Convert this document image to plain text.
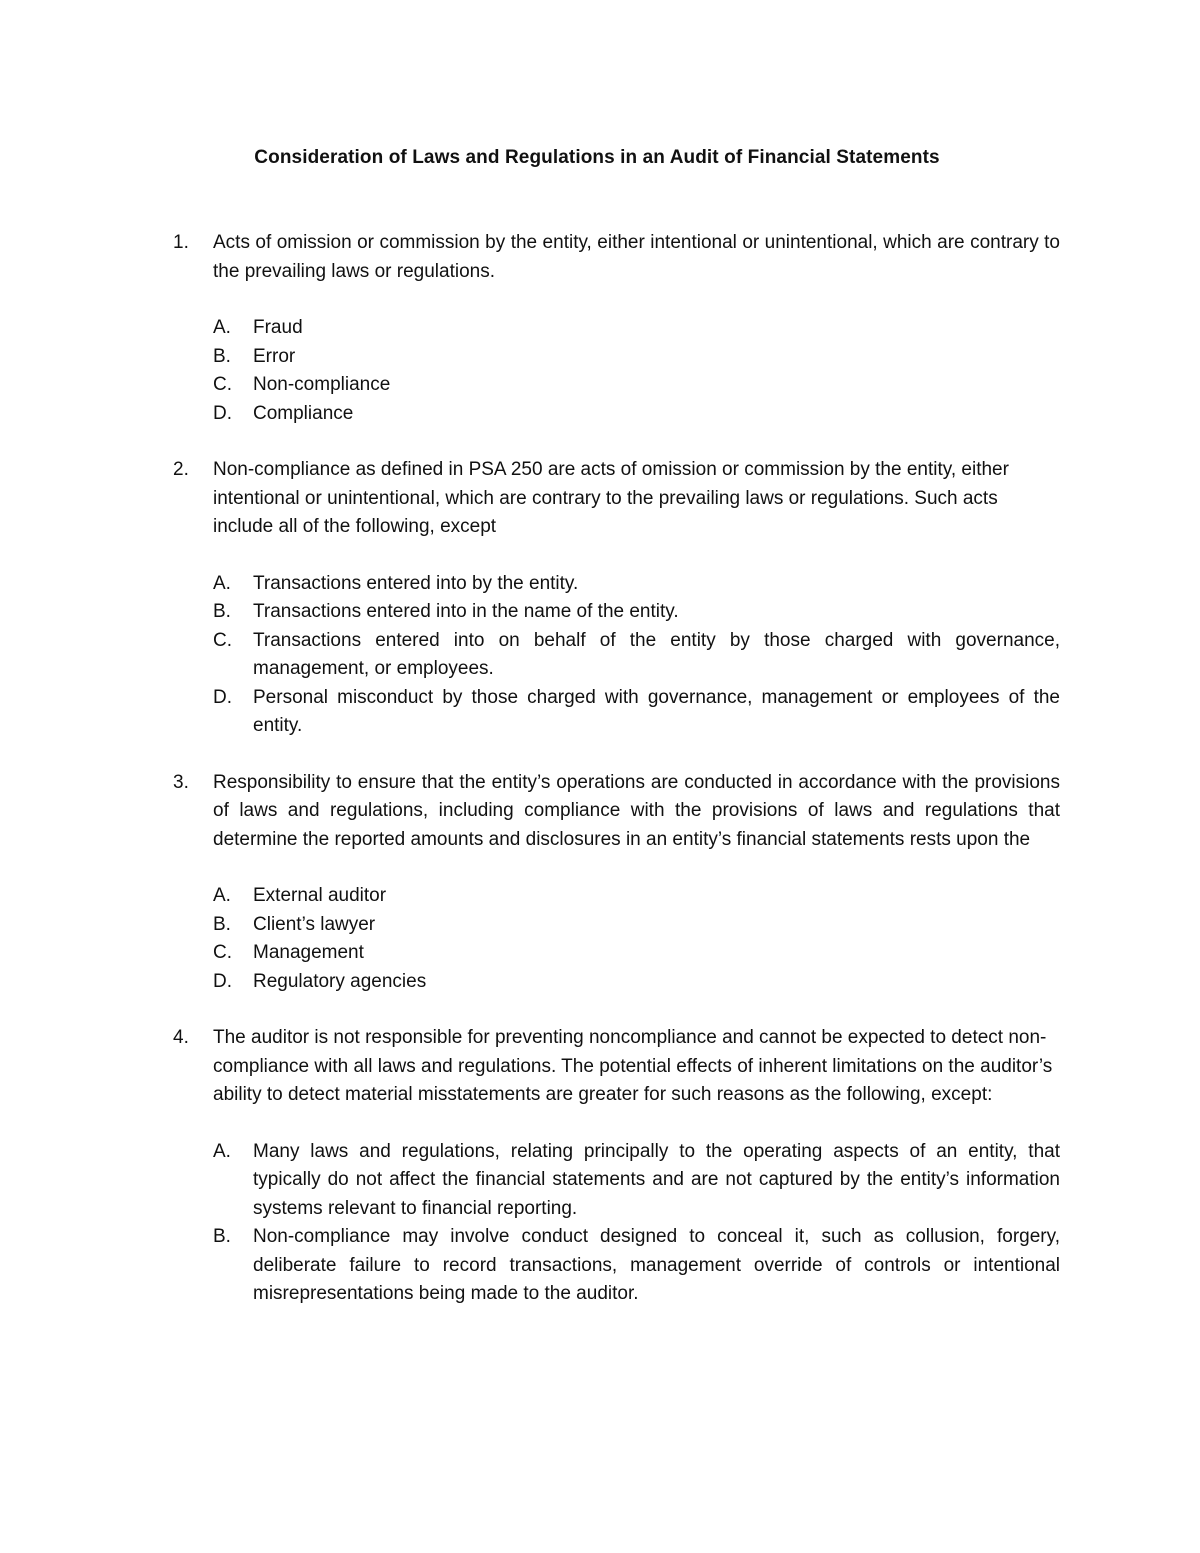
Consideration of Laws and Regulations in an Audit of Financial Statements
1. Acts of omission or commission by the entity, either intentional or unintentional, which are contrary to the prevailing laws or regulations.

A. Fraud
B. Error
C. Non-compliance
D. Compliance
2. Non-compliance as defined in PSA 250 are acts of omission or commission by the entity, either intentional or unintentional, which are contrary to the prevailing laws or regulations. Such acts include all of the following, except

A. Transactions entered into by the entity.
B. Transactions entered into in the name of the entity.
C. Transactions entered into on behalf of the entity by those charged with governance, management, or employees.
D. Personal misconduct by those charged with governance, management or employees of the entity.
3. Responsibility to ensure that the entity’s operations are conducted in accordance with the provisions of laws and regulations, including compliance with the provisions of laws and regulations that determine the reported amounts and disclosures in an entity’s financial statements rests upon the

A. External auditor
B. Client’s lawyer
C. Management
D. Regulatory agencies
4. The auditor is not responsible for preventing noncompliance and cannot be expected to detect non-compliance with all laws and regulations. The potential effects of inherent limitations on the auditor’s ability to detect material misstatements are greater for such reasons as the following, except:

A. Many laws and regulations, relating principally to the operating aspects of an entity, that typically do not affect the financial statements and are not captured by the entity’s information systems relevant to financial reporting.
B. Non-compliance may involve conduct designed to conceal it, such as collusion, forgery, deliberate failure to record transactions, management override of controls or intentional misrepresentations being made to the auditor.
